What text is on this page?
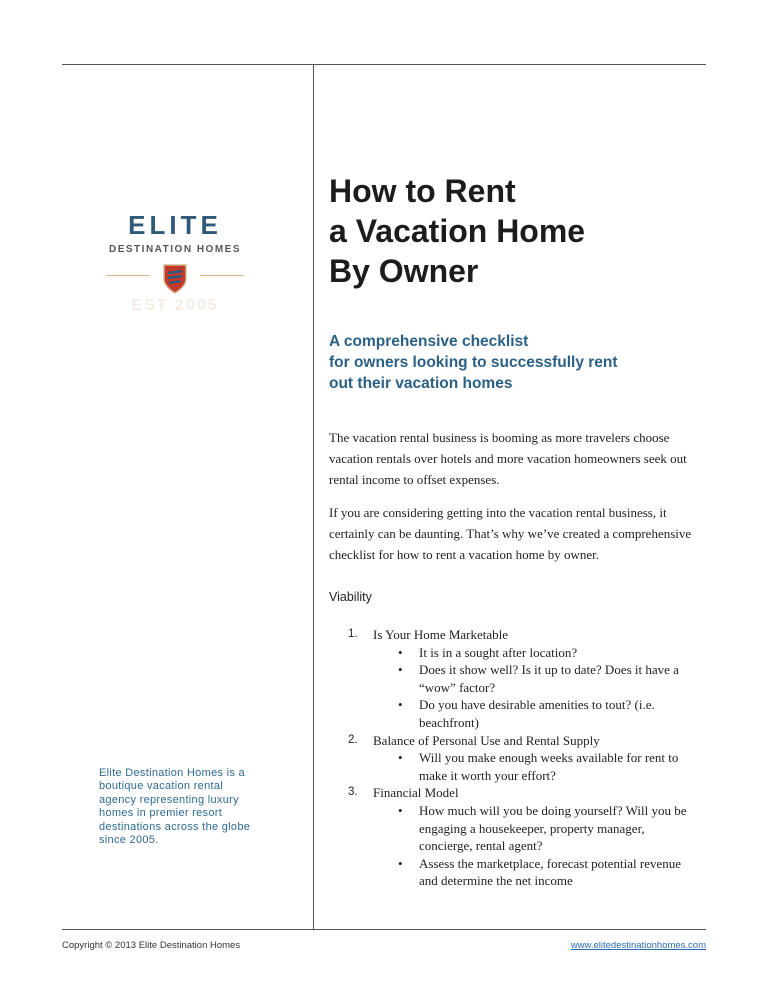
ELITE
DESTINATION HOMES
EST 2005
Elite Destination Homes is a
boutique vacation rental
agency representing luxury
homes in premier resort
destinations across the globe
since 2005.
How to Rent
a Vacation Home
By Owner
A comprehensive checklist
for owners looking to successfully rent
out their vacation homes
The vacation rental business is booming as more travelers choose
vacation rentals over hotels and more vacation homeowners seek out
rental income to offset expenses.
If you are considering getting into the vacation rental business, it
certainly can be daunting. That’s why we’ve created a comprehensive
checklist for how to rent a vacation home by owner.
Viability
1. Is Your Home Marketable
• It is in a sought after location?
• Does it show well? Is it up to date? Does it have a
“wow” factor?
• Do you have desirable amenities to tout? (i.e.
beachfront)
2. Balance of Personal Use and Rental Supply
• Will you make enough weeks available for rent to
make it worth your effort?
3. Financial Model
• How much will you be doing yourself? Will you be
engaging a housekeeper, property manager,
concierge, rental agent?
• Assess the marketplace, forecast potential revenue
and determine the net income
Copyright © 2013 Elite Destination Homes	www.elitedestinationhomes.com
